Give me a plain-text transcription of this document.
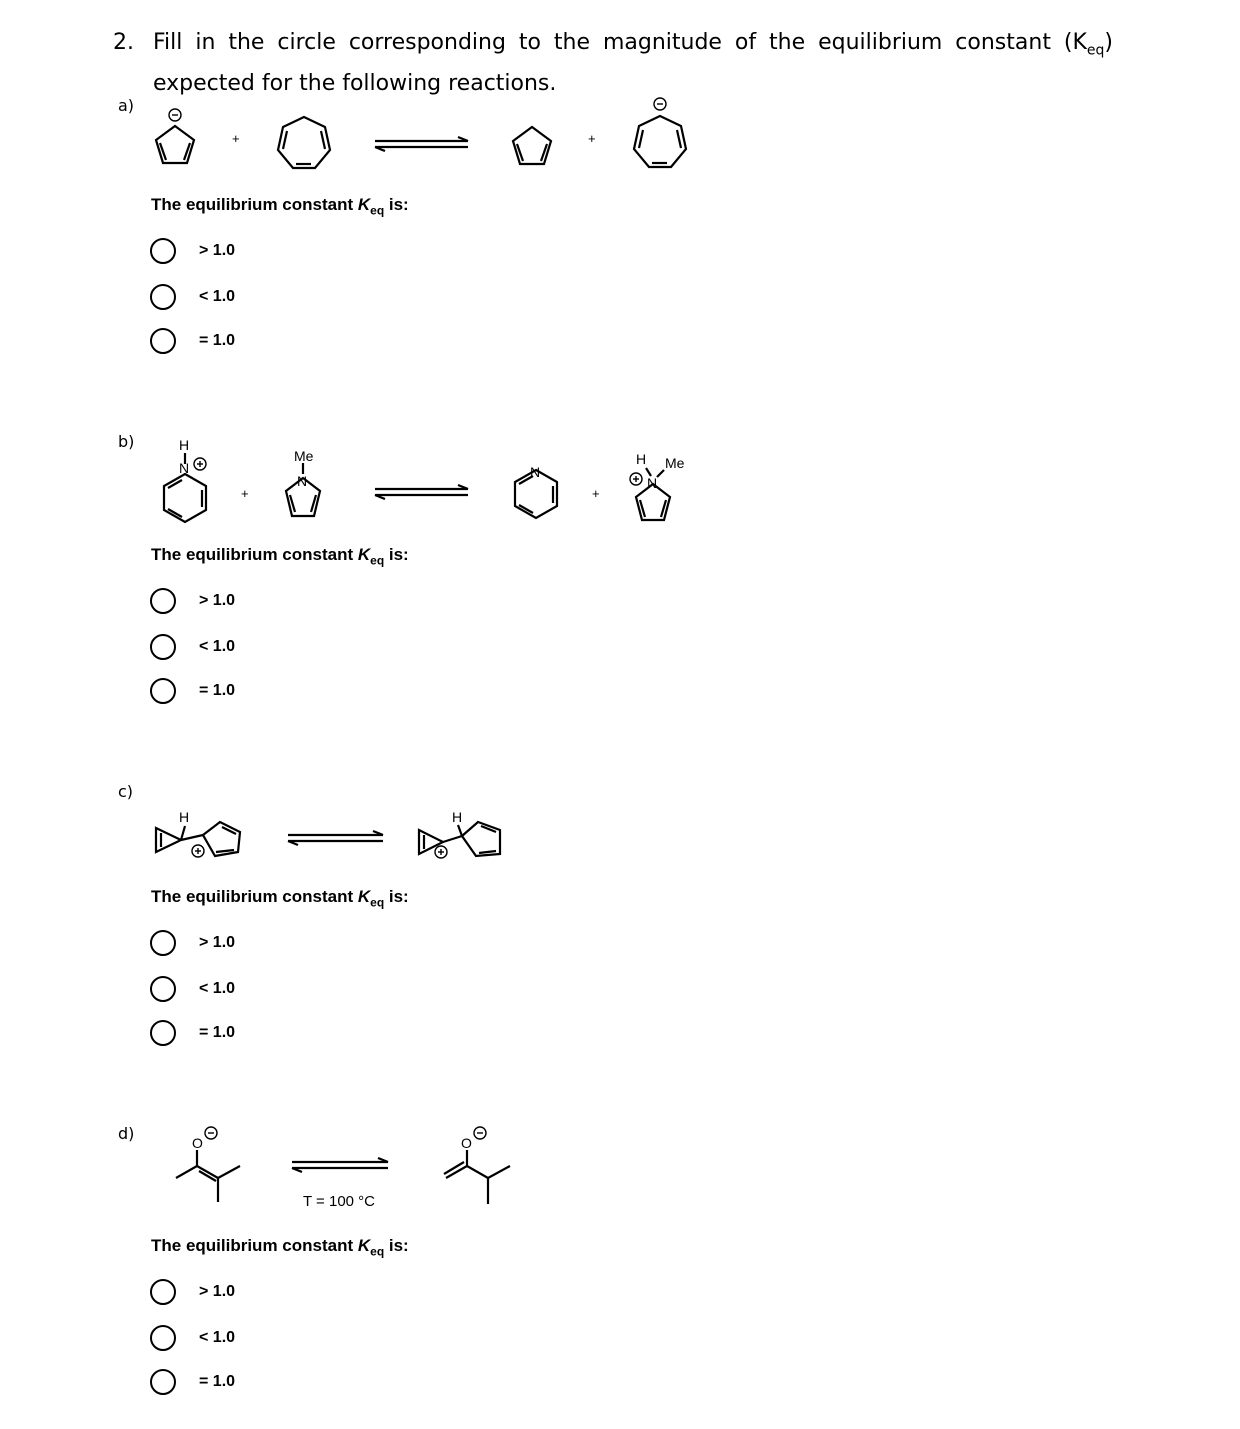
2. Fill in the circle corresponding to the magnitude of the equilibrium constant $(K_{eq})$ expected for the following reactions.
a)
+	+
The equilibrium constant $K_{eq}$ is:
> 1.0
< 1.0
= 1.0
b)	H
N
Me
N
N
H Me
N
+	+
The equilibrium constant $K_{eq}$ is:
> 1.0
< 1.0
= 1.0
c)
H	H
The equilibrium constant $K_{eq}$ is:
> 1.0
< 1.0
= 1.0
d)	O	O
T = 100 °C
The equilibrium constant $K_{eq}$ is:
> 1.0
< 1.0
= 1.0
